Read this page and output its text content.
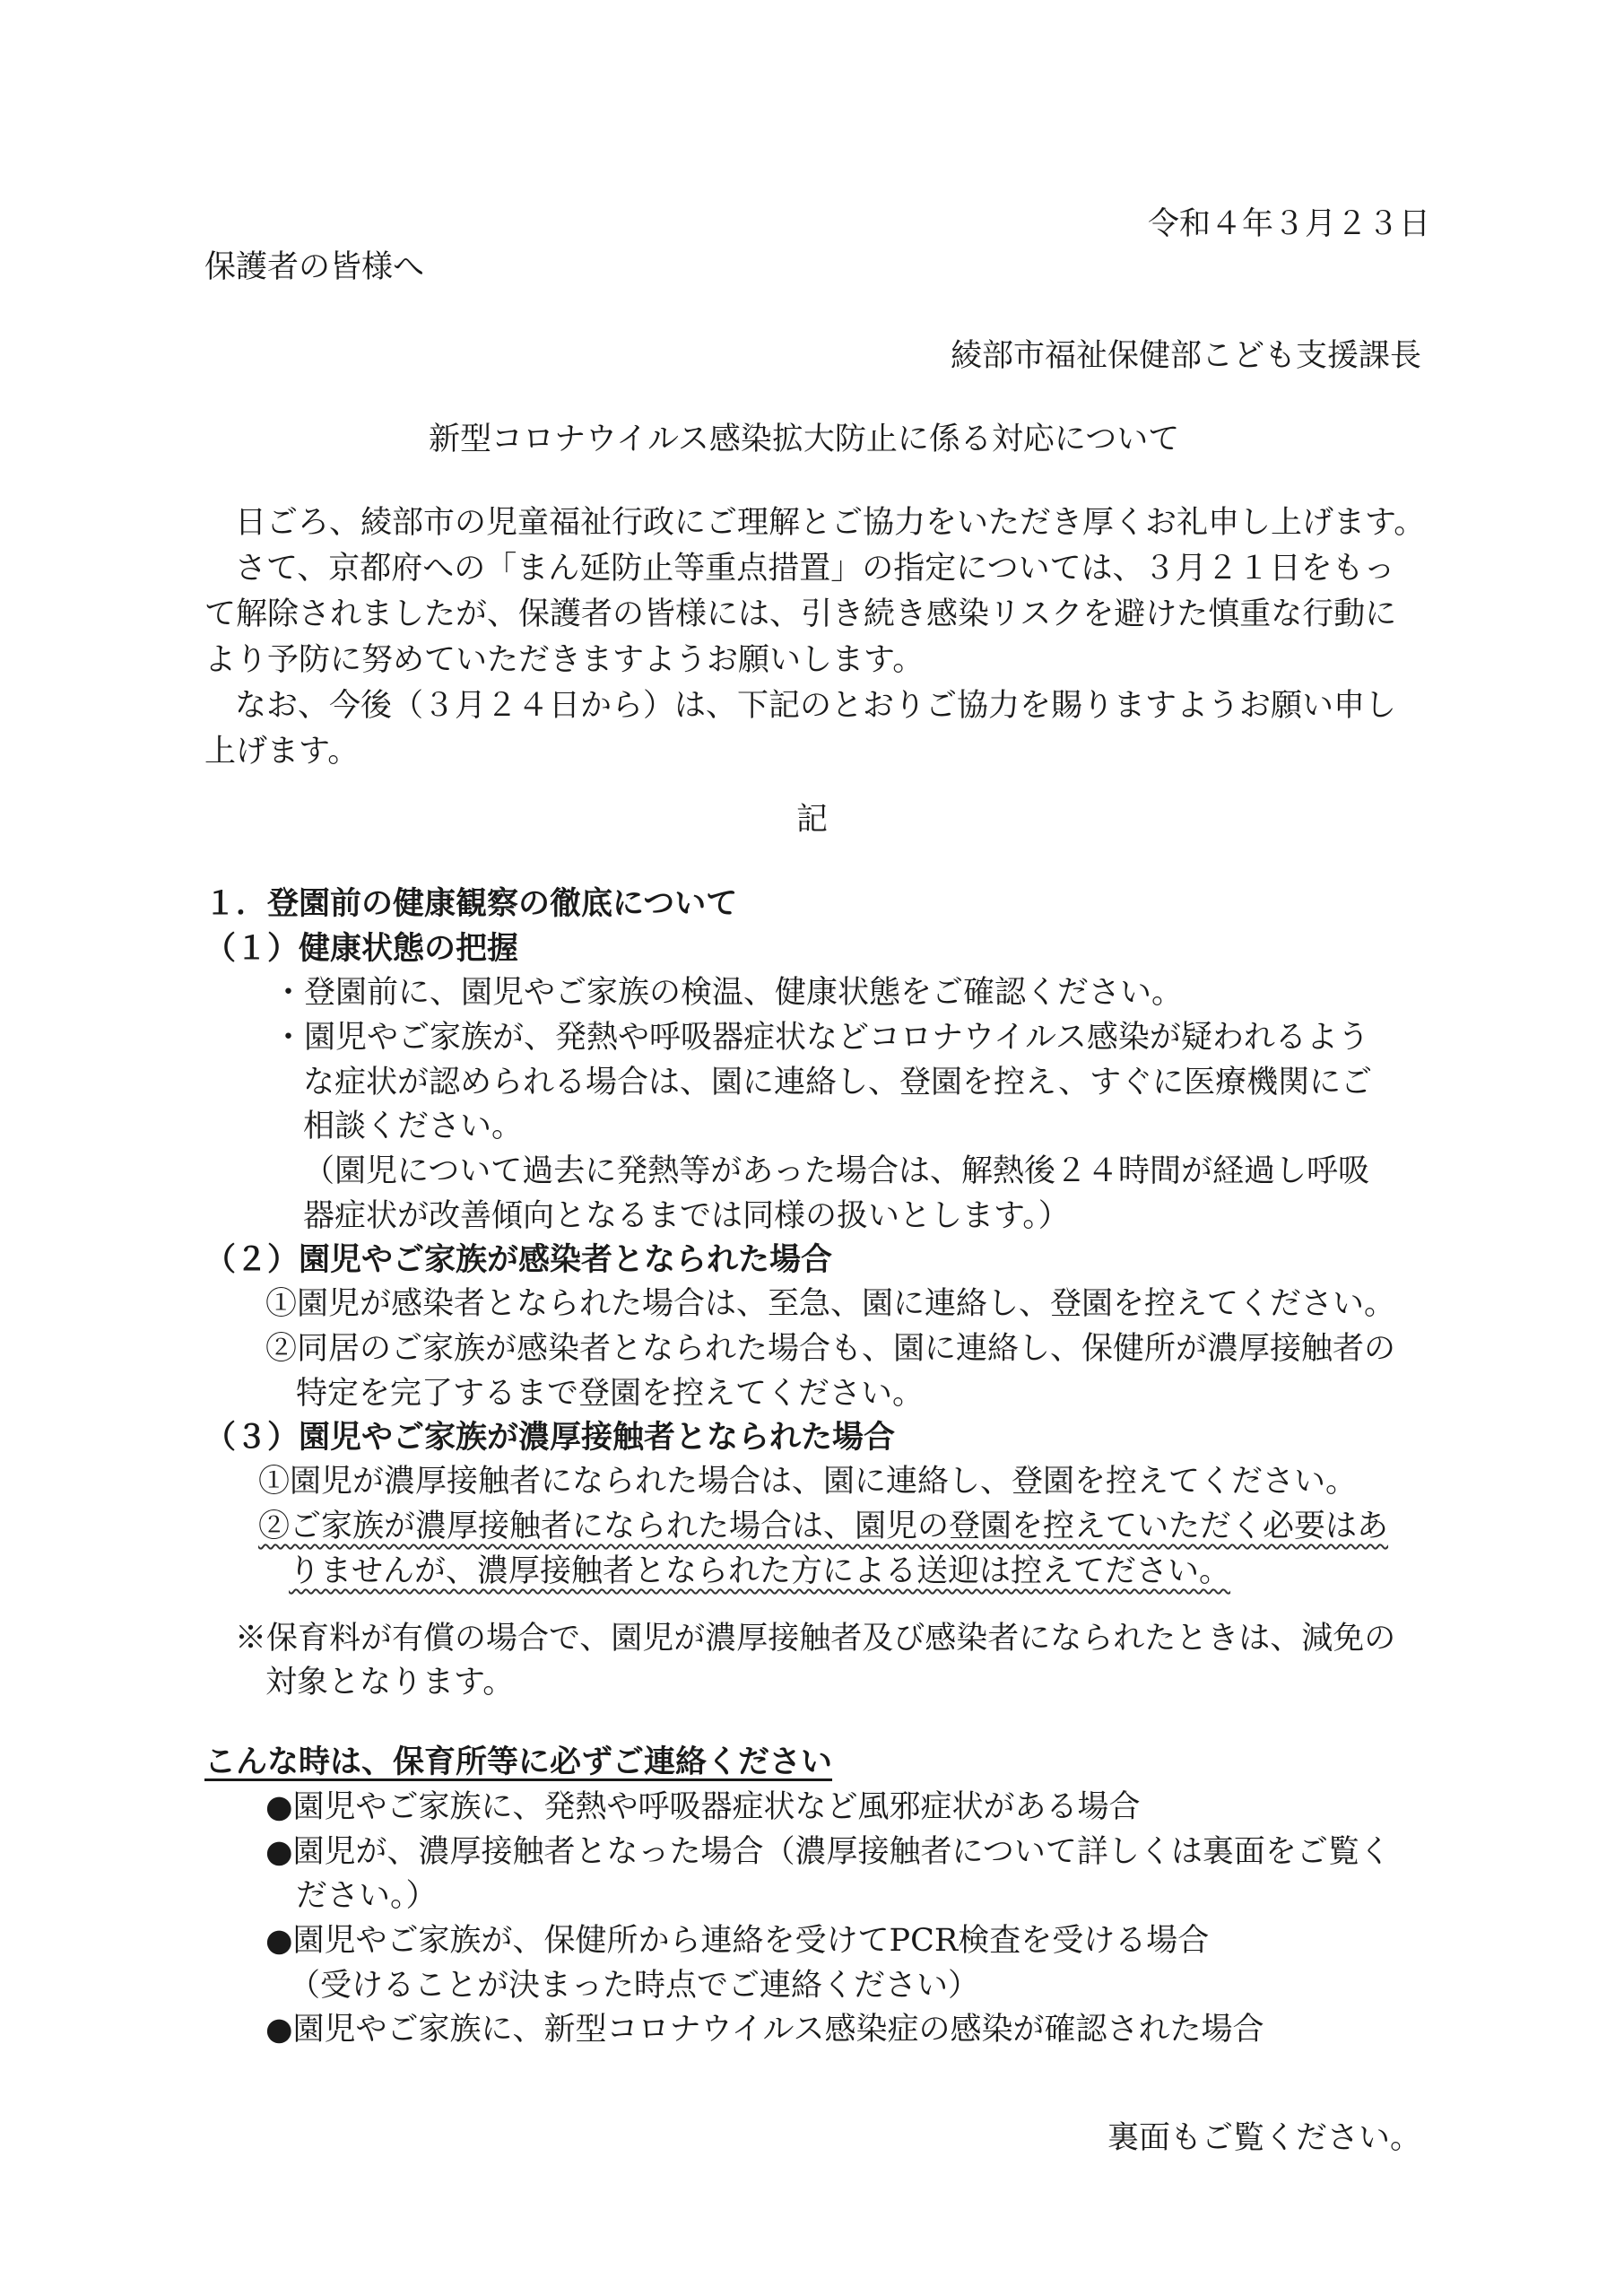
令和４年３月２３日
保護者の皆様へ
綾部市福祉保健部こども支援課長
新型コロナウイルス感染拡大防止に係る対応について
日ごろ、綾部市の児童福祉行政にご理解とご協力をいただき厚くお礼申し上げます。
さて、京都府への「まん延防止等重点措置」の指定については、３月２１日をもっ
て解除されましたが、保護者の皆様には、引き続き感染リスクを避けた慎重な行動に
より予防に努めていただきますようお願いします。
なお、今後（３月２４日から）は、下記のとおりご協力を賜りますようお願い申し
上げます。
記
１．登園前の健康観察の徹底について
（１）健康状態の把握
・登園前に、園児やご家族の検温、健康状態をご確認ください。
・園児やご家族が、発熱や呼吸器症状などコロナウイルス感染が疑われるよう
な症状が認められる場合は、園に連絡し、登園を控え、すぐに医療機関にご
相談ください。
（園児について過去に発熱等があった場合は、解熱後２４時間が経過し呼吸
器症状が改善傾向となるまでは同様の扱いとします。）
（２）園児やご家族が感染者となられた場合
①園児が感染者となられた場合は、至急、園に連絡し、登園を控えてください。
②同居のご家族が感染者となられた場合も、園に連絡し、保健所が濃厚接触者の
特定を完了するまで登園を控えてください。
（３）園児やご家族が濃厚接触者となられた場合
①園児が濃厚接触者になられた場合は、園に連絡し、登園を控えてください。
②ご家族が濃厚接触者になられた場合は、園児の登園を控えていただく必要はあ
りませんが、濃厚接触者となられた方による送迎は控えてださい。
※保育料が有償の場合で、園児が濃厚接触者及び感染者になられたときは、減免の
対象となります。
こんな時は、保育所等に必ずご連絡ください
●園児やご家族に、発熱や呼吸器症状など風邪症状がある場合
●園児が、濃厚接触者となった場合（濃厚接触者について詳しくは裏面をご覧く
ださい。）
●園児やご家族が、保健所から連絡を受けてPCR検査を受ける場合
（受けることが決まった時点でご連絡ください）
●園児やご家族に、新型コロナウイルス感染症の感染が確認された場合
裏面もご覧ください。
